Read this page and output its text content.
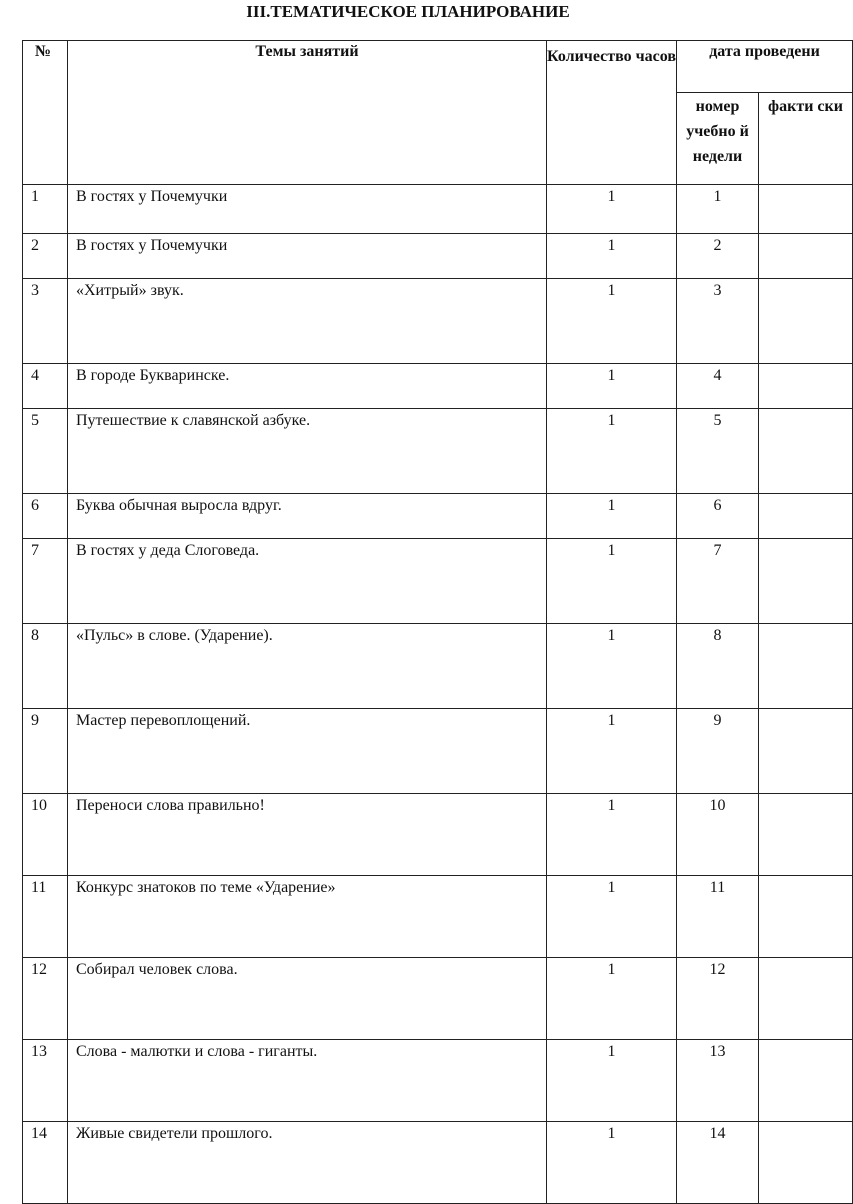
III.ТЕМАТИЧЕСКОЕ ПЛАНИРОВАНИЕ
№	Темы занятий	Количество часов	дата проведени	
			номер учебно й недели	факти ски
1	В гостях у Почемучки	1	1	
2	В гостях у Почемучки	1	2	
3	«Хитрый» звук.	1	3	
4	В городе Букваринске.	1	4	
5	Путешествие к славянской азбуке.	1	5	
6	Буква обычная выросла вдруг.	1	6	
7	В гостях у деда Слоговеда.	1	7	
8	«Пульс» в слове. (Ударение).	1	8	
9	Мастер перевоплощений.	1	9	
10	Переноси слова правильно!	1	10	
11	Конкурс знатоков по теме «Ударение»	1	11	
12	Собирал человек слова.	1	12	
13	Слова - малютки и слова - гиганты.	1	13	
14	Живые свидетели прошлого.	1	14	
